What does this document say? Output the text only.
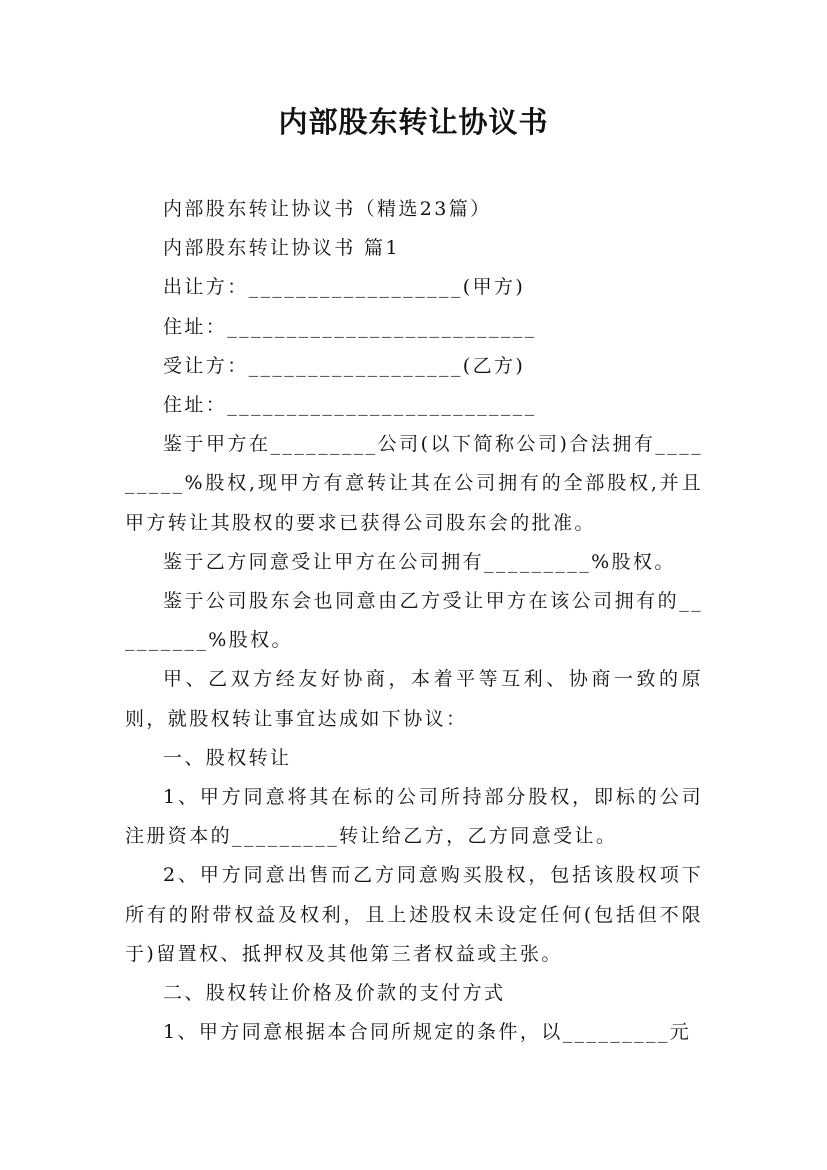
内部股东转让协议书

内部股东转让协议书（精选23篇）

内部股东转让协议书 篇1

出让方：__________________(甲方)

住址：__________________________

受让方：__________________(乙方)

住址：__________________________

鉴于甲方在_________公司(以下简称公司)合法拥有_________%股权,现甲方有意转让其在公司拥有的全部股权,并且甲方转让其股权的要求已获得公司股东会的批准。

鉴于乙方同意受让甲方在公司拥有_________%股权。

鉴于公司股东会也同意由乙方受让甲方在该公司拥有的_________%股权。

甲、乙双方经友好协商，本着平等互利、协商一致的原则，就股权转让事宜达成如下协议：

一、股权转让

1、甲方同意将其在标的公司所持部分股权，即标的公司注册资本的_________转让给乙方，乙方同意受让。

2、甲方同意出售而乙方同意购买股权，包括该股权项下所有的附带权益及权利，且上述股权未设定任何(包括但不限于)留置权、抵押权及其他第三者权益或主张。

二、股权转让价格及价款的支付方式

1、甲方同意根据本合同所规定的条件，以_________元
